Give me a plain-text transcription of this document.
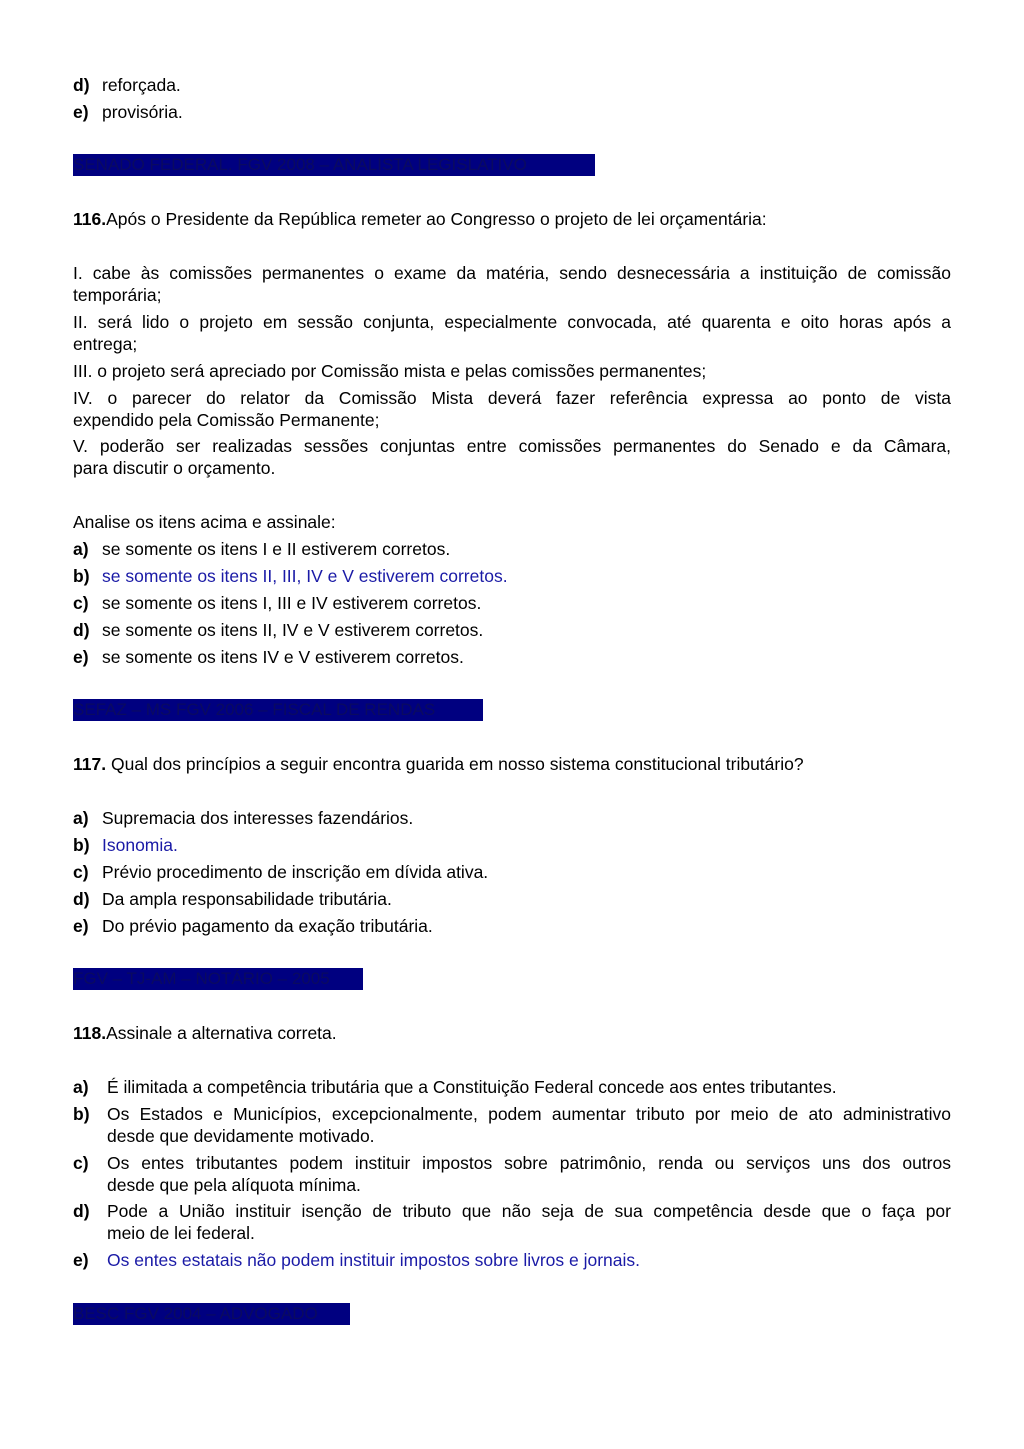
d) reforçada.
e) provisória.
SENADO FEDERAL. FGV 2008 – ANALISTA LEGISLATIVO
116.Após o Presidente da República remeter ao Congresso o projeto de lei orçamentária:
I. cabe às comissões permanentes o exame da matéria, sendo desnecessária a instituição de comissão
temporária;
II. será lido o projeto em sessão conjunta, especialmente convocada, até quarenta e oito horas após a
entrega;
III. o projeto será apreciado por Comissão mista e pelas comissões permanentes;
IV. o parecer do relator da Comissão Mista deverá fazer referência expressa ao ponto de vista
expendido pela Comissão Permanente;
V. poderão ser realizadas sessões conjuntas entre comissões permanentes do Senado e da Câmara,
para discutir o orçamento.
Analise os itens acima e assinale:
a) se somente os itens I e II estiverem corretos.
b) se somente os itens II, III, IV e V estiverem corretos.
c) se somente os itens I, III e IV estiverem corretos.
d) se somente os itens II, IV e V estiverem corretos.
e) se somente os itens IV e V estiverem corretos.
SEFAZ – MS FGV 2006 – FISCAL DE RENDAS
117. Qual dos princípios a seguir encontra guarida em nosso sistema constitucional tributário?
a) Supremacia dos interesses fazendários.
b) Isonomia.
c) Prévio procedimento de inscrição em dívida ativa.
d) Da ampla responsabilidade tributária.
e) Do prévio pagamento da exação tributária.
FGV – TJ-AM – NOTÁRIO – 2005
118.Assinale a alternativa correta.
a) É ilimitada a competência tributária que a Constituição Federal concede aos entes tributantes.
b) Os Estados e Municípios, excepcionalmente, podem aumentar tributo por meio de ato administrativo
desde que devidamente motivado.
c) Os entes tributantes podem instituir impostos sobre patrimônio, renda ou serviços uns dos outros
desde que pela alíquota mínima.
d) Pode a União instituir isenção de tributo que não seja de sua competência desde que o faça por
meio de lei federal.
e) Os entes estatais não podem instituir impostos sobre livros e jornais.
BESC FGV 2004 – ADVOGADO
